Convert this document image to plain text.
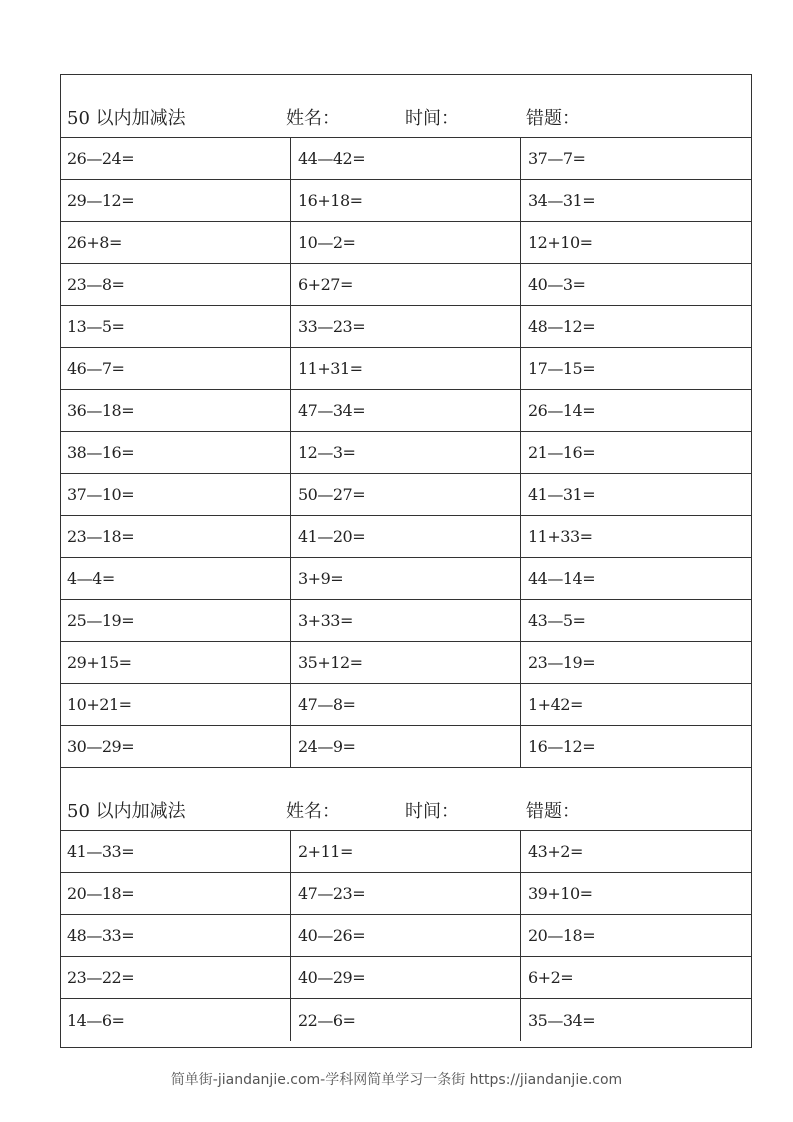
50 以内加减法	姓名：	时间：	错题：
26—24=	44—42=	37—7=
29—12=	16+18=	34—31=
26+8=	10—2=	12+10=
23—8=	6+27=	40—3=
13—5=	33—23=	48—12=
46—7=	11+31=	17—15=
36—18=	47—34=	26—14=
38—16=	12—3=	21—16=
37—10=	50—27=	41—31=
23—18=	41—20=	11+33=
4—4=	3+9=	44—14=
25—19=	3+33=	43—5=
29+15=	35+12=	23—19=
10+21=	47—8=	1+42=
30—29=	24—9=	16—12=
50 以内加减法	姓名：	时间：	错题：
41—33=	2+11=	43+2=
20—18=	47—23=	39+10=
48—33=	40—26=	20—18=
23—22=	40—29=	6+2=
14—6=	22—6=	35—34=
简单街-jiandanjie.com-学科网简单学习一条街 https://jiandanjie.com
